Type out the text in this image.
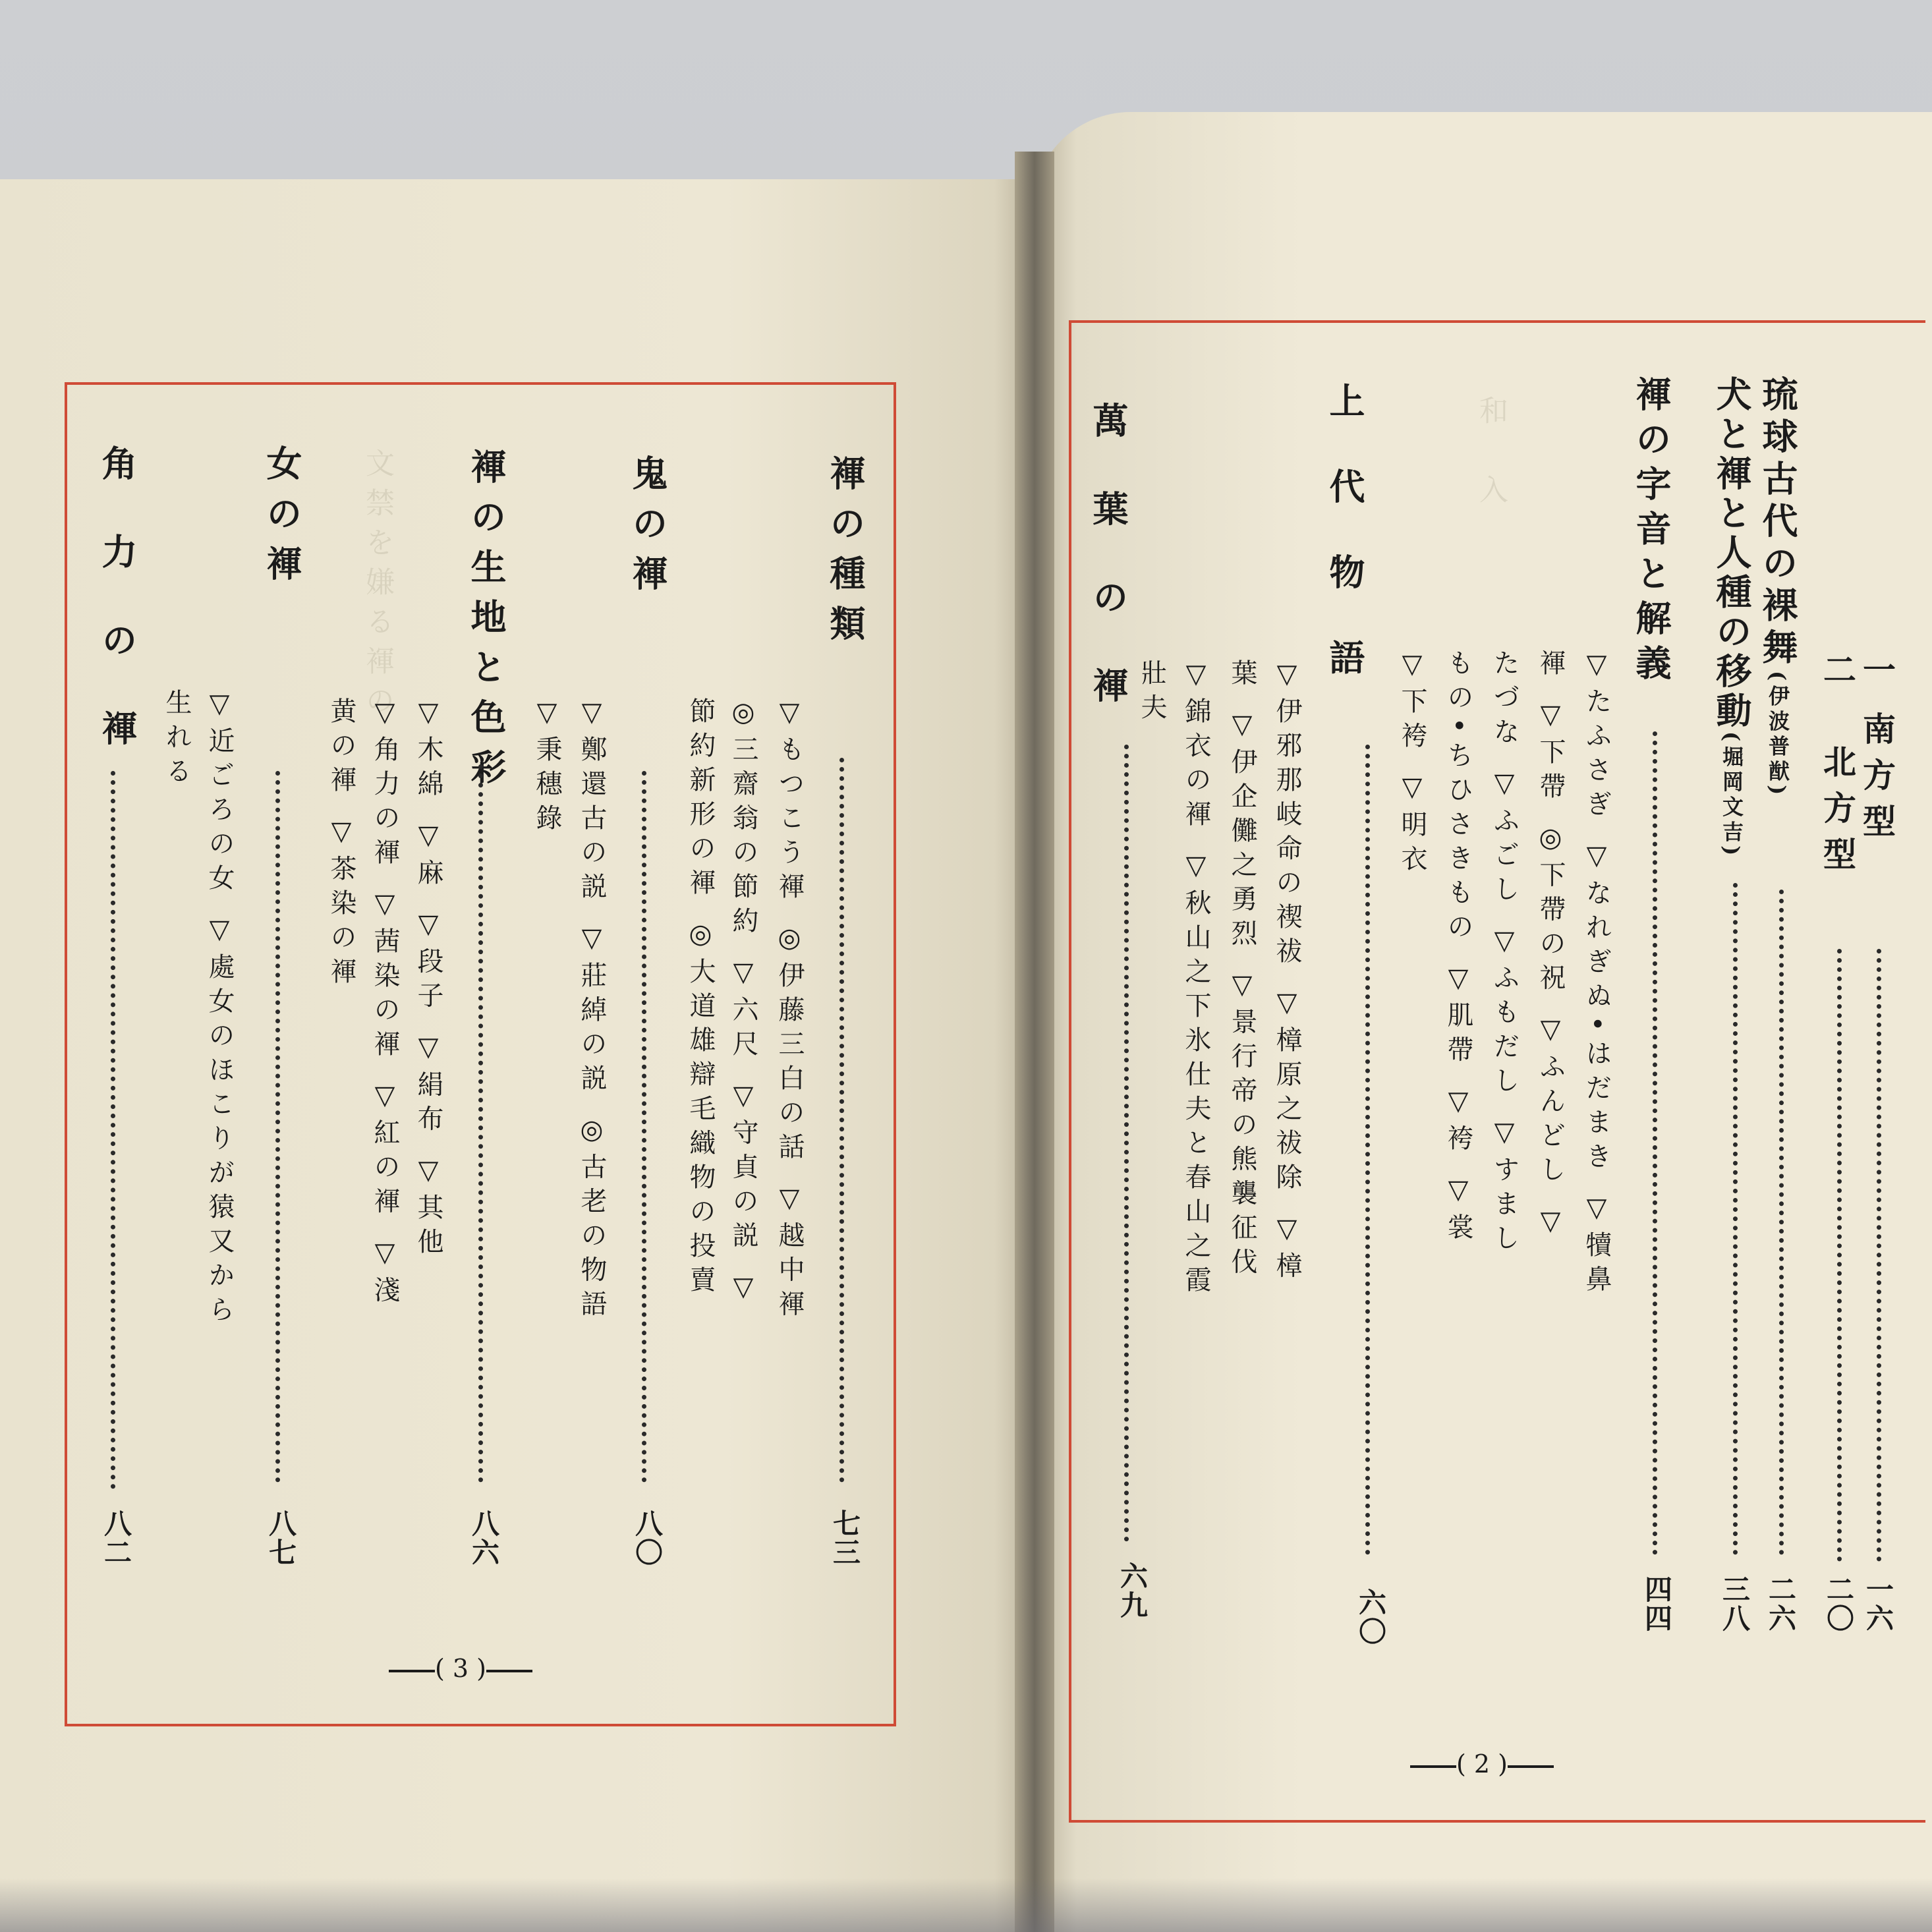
文禁を嫌る褌の	和　入
褌の種類
▽もつこう褌 ◎伊藤三白の話 ▽越中褌
◎三齋翁の節約 ▽六尺 ▽守貞の説 ▽
節約新形の褌 ◎大道雄辯毛織物の投賣
七三
鬼の褌
▽鄭還古の説 ▽莊綽の説 ◎古老の物語
▽秉穗錄
八〇
褌の生地と色彩
▽木綿 ▽麻 ▽段子 ▽絹布 ▽其他
▽角力の褌 ▽茜染の褌 ▽紅の褌 ▽淺
黄の褌 ▽茶染の褌
八六
女の褌
▽近ごろの女 ▽處女のほこりが猿又から
生れる
八七
角力の褌
八二
( 3 )
一
南方型
一六
二
北方型
二〇
琉球古代の裸舞(伊波普猷)
二六
犬と褌と人種の移動(堀岡文吉)
三八
褌の字音と解義
▽たふさぎ ▽なれぎぬ•はだまき ▽犢鼻
褌 ▽下帶 ◎下帶の祝 ▽ふんどし ▽
たづな ▽ふごし ▽ふもだし ▽すまし
もの•ちひさきもの ▽肌帶 ▽袴 ▽裳
▽下袴 ▽明衣
四四
上代物語
▽伊邪那岐命の禊祓 ▽樟原之祓除 ▽樟
葉 ▽伊企儺之勇烈 ▽景行帝の熊襲征伐
▽錦衣の褌 ▽秋山之下氷仕夫と春山之霞
壯夫
六〇
萬葉の褌
六九
( 2 )
